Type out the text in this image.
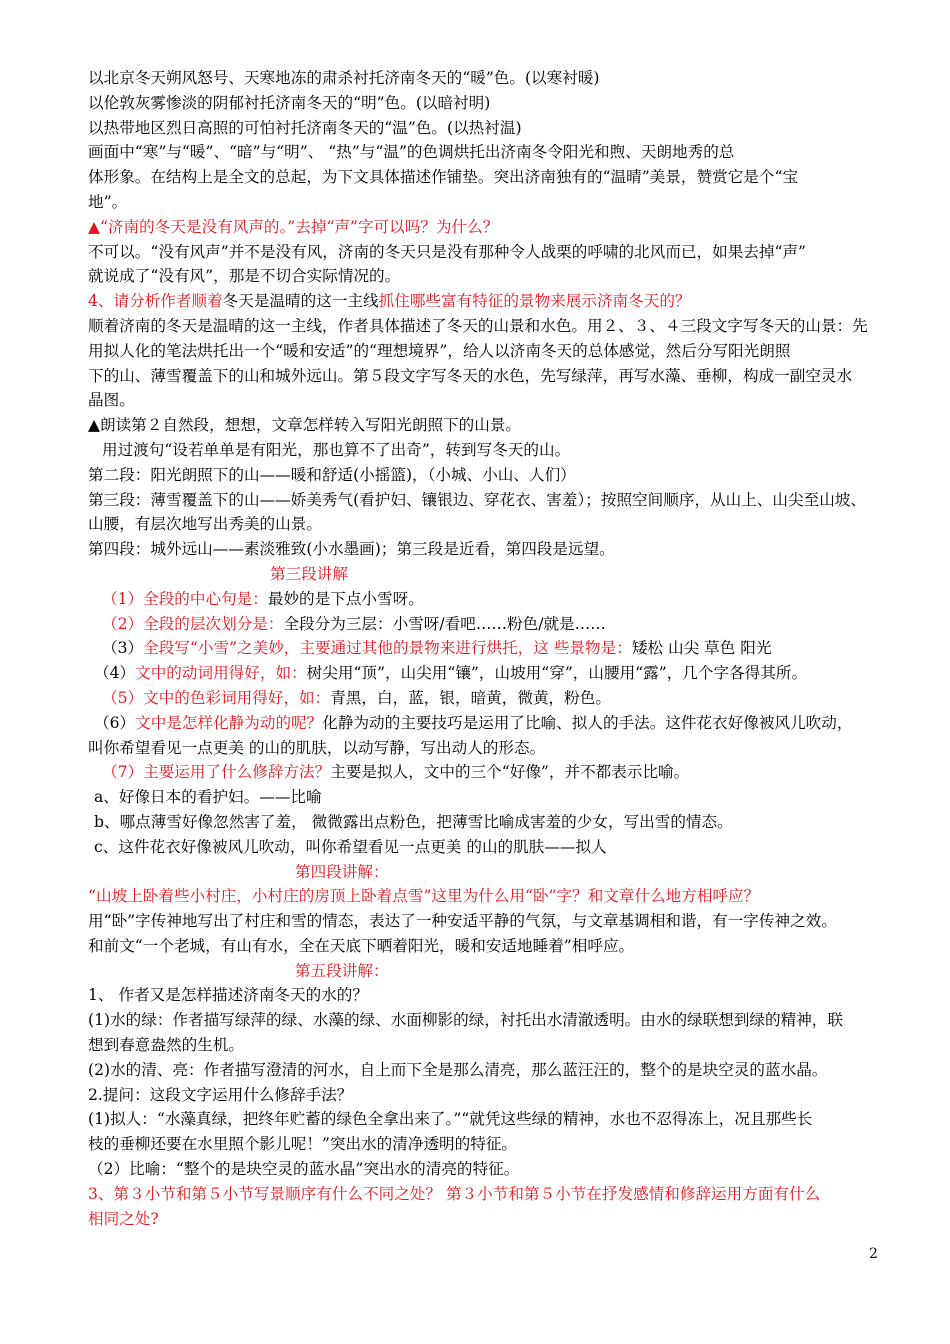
以北京冬天朔风怒号、天寒地冻的肃杀衬托济南冬天的“暖”色。(以寒衬暖)

以伦敦灰雾惨淡的阴郁衬托济南冬天的“明”色。(以暗衬明)

以热带地区烈日高照的可怕衬托济南冬天的“温”色。(以热衬温)

画面中“寒”与“暖”、“暗”与“明”、 “热”与“温”的色调烘托出济南冬令阳光和煦、天朗地秀的总

体形象。在结构上是全文的总起，为下文具体描述作铺垫。突出济南独有的“温晴”美景，赞赏它是个“宝

地”。

▲“济南的冬天是没有风声的。”去掉“声”字可以吗？为什么？

不可以。“没有风声”并不是没有风，济南的冬天只是没有那种令人战栗的呼啸的北风而已，如果去掉“声”

就说成了“没有风”，那是不切合实际情况的。

4、请分析作者顺着冬天是温晴的这一主线抓住哪些富有特征的景物来展示济南冬天的？

顺着济南的冬天是温晴的这一主线，作者具体描述了冬天的山景和水色。用２、３、４三段文字写冬天的山景：先

用拟人化的笔法烘托出一个“暖和安适”的“理想境界”，给人以济南冬天的总体感觉，然后分写阳光朗照

下的山、薄雪覆盖下的山和城外远山。第５段文字写冬天的水色，先写绿萍，再写水藻、垂柳，构成一副空灵水

晶图。

▲朗读第２自然段，想想，文章怎样转入写阳光朗照下的山景。

用过渡句“设若单单是有阳光，那也算不了出奇”，转到写冬天的山。

第二段：阳光朗照下的山——暖和舒适(小摇篮)，（小城、小山、人们）

第三段：薄雪覆盖下的山——娇美秀气(看护妇、镶银边、穿花衣、害羞）；按照空间顺序，从山上、山尖至山坡、

山腰，有层次地写出秀美的山景。

第四段：城外远山——素淡雅致(小水墨画)；第三段是近看，第四段是远望。

第三段讲解

（1）全段的中心句是：最妙的是下点小雪呀。

（2）全段的层次划分是：全段分为三层：小雪呀/看吧……粉色/就是……

（3）全段写“小雪”之美妙，主要通过其他的景物来进行烘托，这 些景物是：矮松 山尖 草色 阳光

（4）文中的动词用得好，如：树尖用“顶”，山尖用“镶”，山坡用“穿”，山腰用“露”，几个字各得其所。

（5）文中的色彩词用得好，如：青黑，白，蓝，银，暗黄，微黄，粉色。

（6）文中是怎样化静为动的呢？化静为动的主要技巧是运用了比喻、拟人的手法。这件花衣好像被风儿吹动，

叫你希望看见一点更美 的山的肌肤，以动写静，写出动人的形态。

（7）主要运用了什么修辞方法？主要是拟人，文中的三个“好像”，并不都表示比喻。

a、好像日本的看护妇。——比喻

b、哪点薄雪好像忽然害了羞， 微微露出点粉色，把薄雪比喻成害羞的少女，写出雪的情态。

c、这件花衣好像被风儿吹动，叫你希望看见一点更美 的山的肌肤——拟人

第四段讲解：

“山坡上卧着些小村庄，小村庄的房顶上卧着点雪”这里为什么用“卧”字？和文章什么地方相呼应？

用“卧”字传神地写出了村庄和雪的情态，表达了一种安适平静的气氛，与文章基调相和谐，有一字传神之效。

和前文“一个老城，有山有水，全在天底下晒着阳光，暖和安适地睡着”相呼应。

第五段讲解：

1、 作者又是怎样描述济南冬天的水的？

(1)水的绿：作者描写绿萍的绿、水藻的绿、水面柳影的绿，衬托出水清澈透明。由水的绿联想到绿的精神，联

想到春意盎然的生机。

(2)水的清、亮：作者描写澄清的河水，自上而下全是那么清亮，那么蓝汪汪的，整个的是块空灵的蓝水晶。

2.提问：这段文字运用什么修辞手法？

(1)拟人：“水藻真绿，把终年贮蓄的绿色全拿出来了。”“就凭这些绿的精神，水也不忍得冻上，况且那些长

枝的垂柳还要在水里照个影儿呢！”突出水的清净透明的特征。

（2）比喻：“整个的是块空灵的蓝水晶”突出水的清亮的特征。

3、第３小节和第５小节写景顺序有什么不同之处？ 第３小节和第５小节在抒发感情和修辞运用方面有什么

相同之处?

2
